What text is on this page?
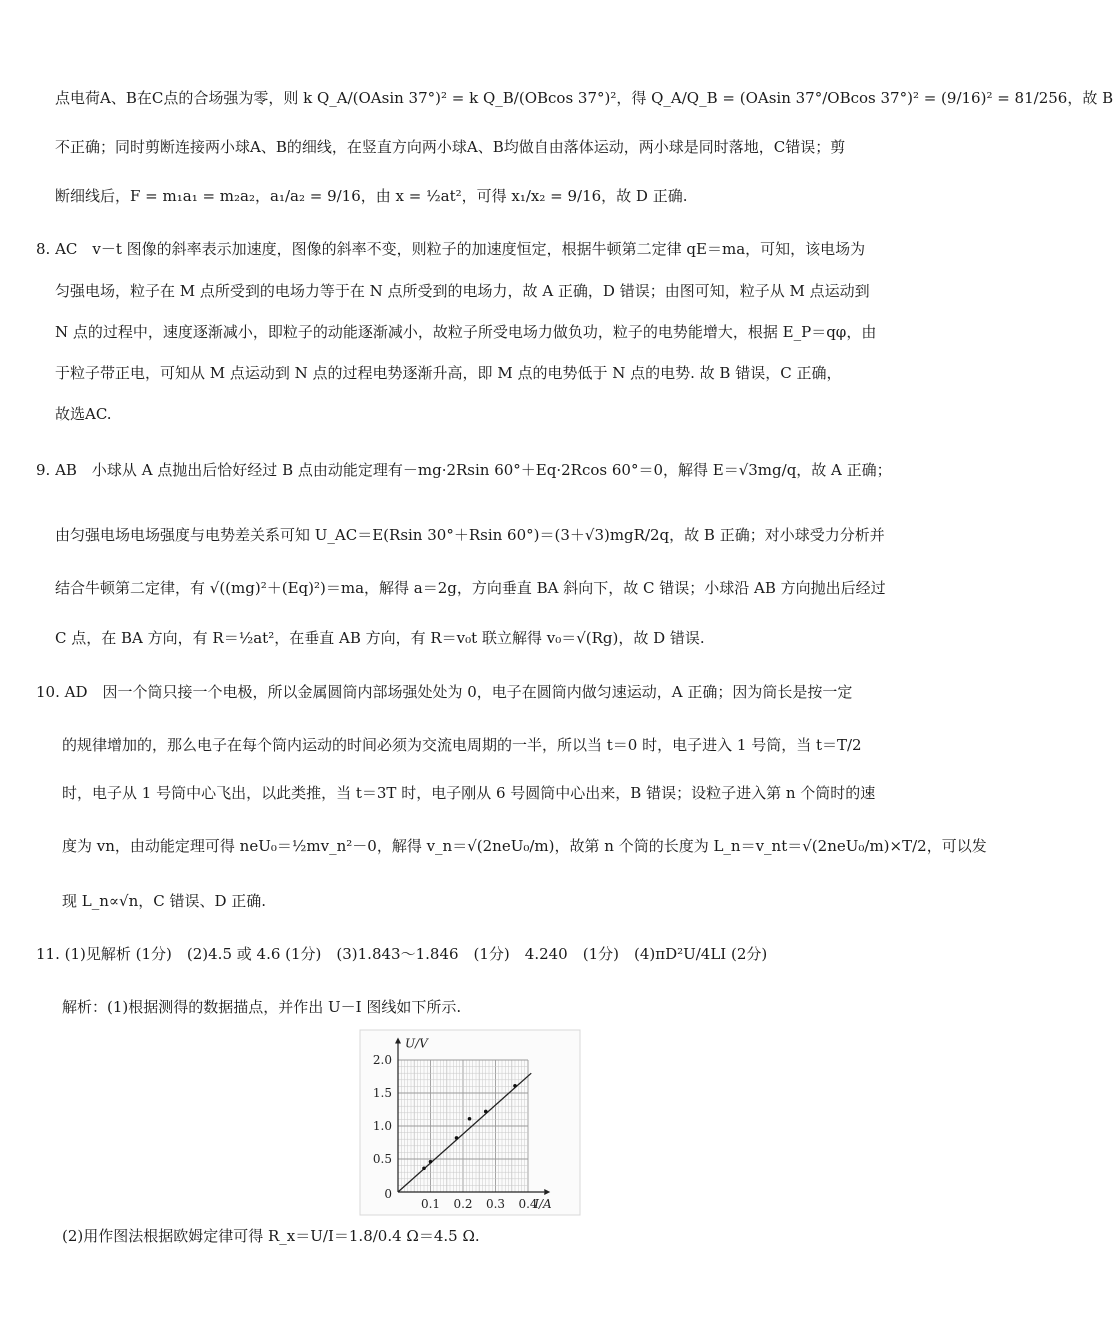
点电荷A、B在C点的合场强为零，则 k Q_A/(OAsin 37°)² = k Q_B/(OBcos 37°)²，得 Q_A/Q_B = (OAsin 37°/OBcos 37°)² = (9/16)² = 81/256，故 B
不正确；同时剪断连接两小球A、B的细线，在竖直方向两小球A、B均做自由落体运动，两小球是同时落地，C错误；剪
断细线后，F = m₁a₁ = m₂a₂，a₁/a₂ = 9/16，由 x = ½at²，可得 x₁/x₂ = 9/16，故 D 正确.
8. AC　v－t 图像的斜率表示加速度，图像的斜率不变，则粒子的加速度恒定，根据牛顿第二定律 qE＝ma，可知，该电场为
匀强电场，粒子在 M 点所受到的电场力等于在 N 点所受到的电场力，故 A 正确，D 错误；由图可知，粒子从 M 点运动到
N 点的过程中，速度逐渐减小，即粒子的动能逐渐减小，故粒子所受电场力做负功，粒子的电势能增大，根据 E_P＝qφ，由
于粒子带正电，可知从 M 点运动到 N 点的过程电势逐渐升高，即 M 点的电势低于 N 点的电势. 故 B 错误，C 正确，
故选AC.
9. AB　小球从 A 点抛出后恰好经过 B 点由动能定理有－mg·2Rsin 60°＋Eq·2Rcos 60°＝0，解得 E＝√3mg/q，故 A 正确；
由匀强电场电场强度与电势差关系可知 U_AC＝E(Rsin 30°＋Rsin 60°)＝(3＋√3)mgR/2q，故 B 正确；对小球受力分析并
结合牛顿第二定律，有 √((mg)²＋(Eq)²)＝ma，解得 a＝2g，方向垂直 BA 斜向下，故 C 错误；小球沿 AB 方向抛出后经过
C 点，在 BA 方向，有 R＝½at²，在垂直 AB 方向，有 R＝v₀t 联立解得 v₀＝√(Rg)，故 D 错误.
10. AD　因一个筒只接一个电极，所以金属圆筒内部场强处处为 0，电子在圆筒内做匀速运动，A 正确；因为筒长是按一定
的规律增加的，那么电子在每个筒内运动的时间必须为交流电周期的一半，所以当 t＝0 时，电子进入 1 号筒，当 t＝T/2
时，电子从 1 号筒中心飞出，以此类推，当 t＝3T 时，电子刚从 6 号圆筒中心出来，B 错误；设粒子进入第 n 个筒时的速
度为 vn，由动能定理可得 neU₀＝½mv_n²－0，解得 v_n＝√(2neU₀/m)，故第 n 个筒的长度为 L_n＝v_nt＝√(2neU₀/m)×T/2，可以发
现 L_n∝√n，C 错误、D 正确.
11. (1)见解析 (1分)　(2)4.5 或 4.6 (1分)　(3)1.843～1.846　(1分)　4.240　(1分)　(4)πD²U/4LI (2分)
解析：(1)根据测得的数据描点，并作出 U－I 图线如下所示.
0.1 0.2 0.3 0.4
0.5
1.0
1.5
2.0
0
I/A
U/V
(2)用作图法根据欧姆定律可得 R_x＝U/I＝1.8/0.4 Ω＝4.5 Ω.
